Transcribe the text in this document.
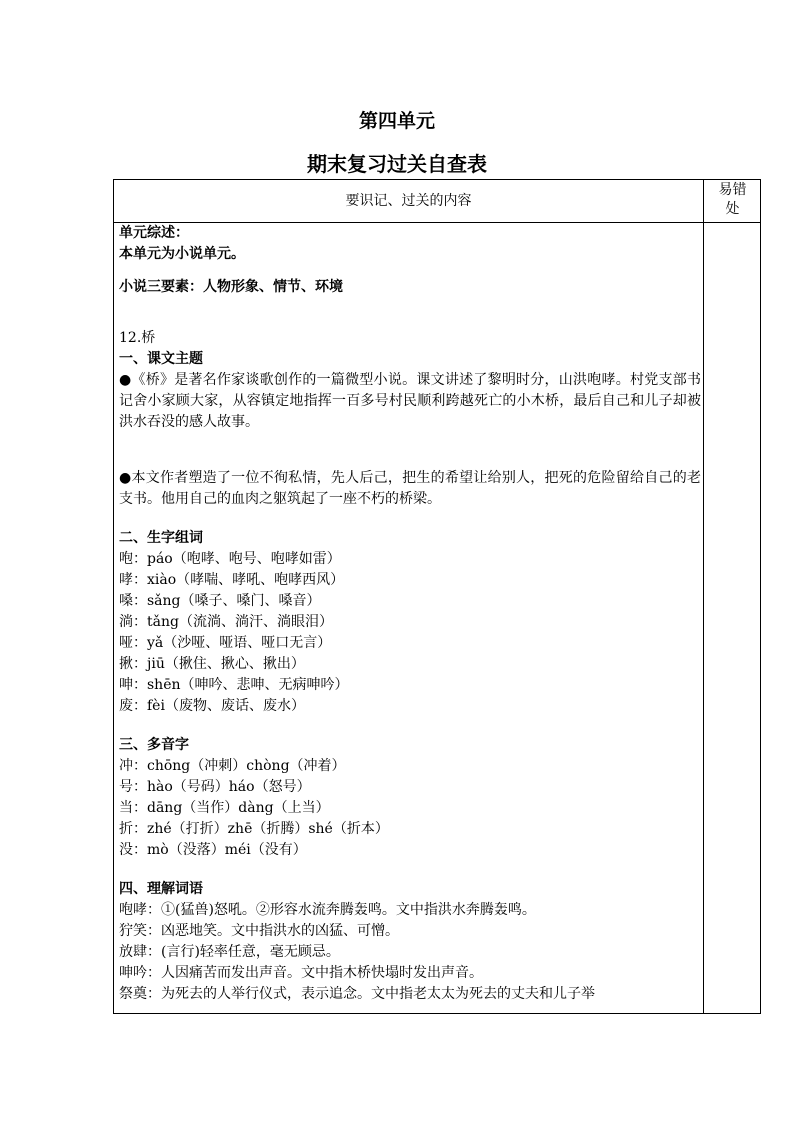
第四单元
期末复习过关自查表
要识记、过关的内容
易错
处
单元综述：
本单元为小说单元。
小说三要素：人物形象、情节、环境
12.桥
一、课文主题
●《桥》是著名作家谈歌创作的一篇微型小说。课文讲述了黎明时分，山洪咆哮。村党支部书记舍小家顾大家，从容镇定地指挥一百多号村民顺利跨越死亡的小木桥，最后自己和儿子却被洪水吞没的感人故事。
●本文作者塑造了一位不徇私情，先人后己，把生的希望让给别人，把死的危险留给自己的老支书。他用自己的血肉之躯筑起了一座不朽的桥梁。
二、生字组词
咆：páo（咆哮、咆号、咆哮如雷）
哮：xiào（哮喘、哮吼、咆哮西风）
嗓：sǎng（嗓子、嗓门、嗓音）
淌：tǎng（流淌、淌汗、淌眼泪）
哑：yǎ（沙哑、哑语、哑口无言）
揪：jiū（揪住、揪心、揪出）
呻：shēn（呻吟、悲呻、无病呻吟）
废：fèi（废物、废话、废水）
三、多音字
冲：chōng（冲刺）chòng（冲着）
号：hào（号码）háo（怒号）
当：dāng（当作）dàng（上当）
折：zhé（打折）zhē（折腾）shé（折本）
没：mò（没落）méi（没有）
四、理解词语
咆哮：①(猛兽)怒吼。②形容水流奔腾轰鸣。文中指洪水奔腾轰鸣。
狞笑：凶恶地笑。文中指洪水的凶猛、可憎。
放肆：(言行)轻率任意，毫无顾忌。
呻吟：人因痛苦而发出声音。文中指木桥快塌时发出声音。
祭奠：为死去的人举行仪式，表示追念。文中指老太太为死去的丈夫和儿子举
